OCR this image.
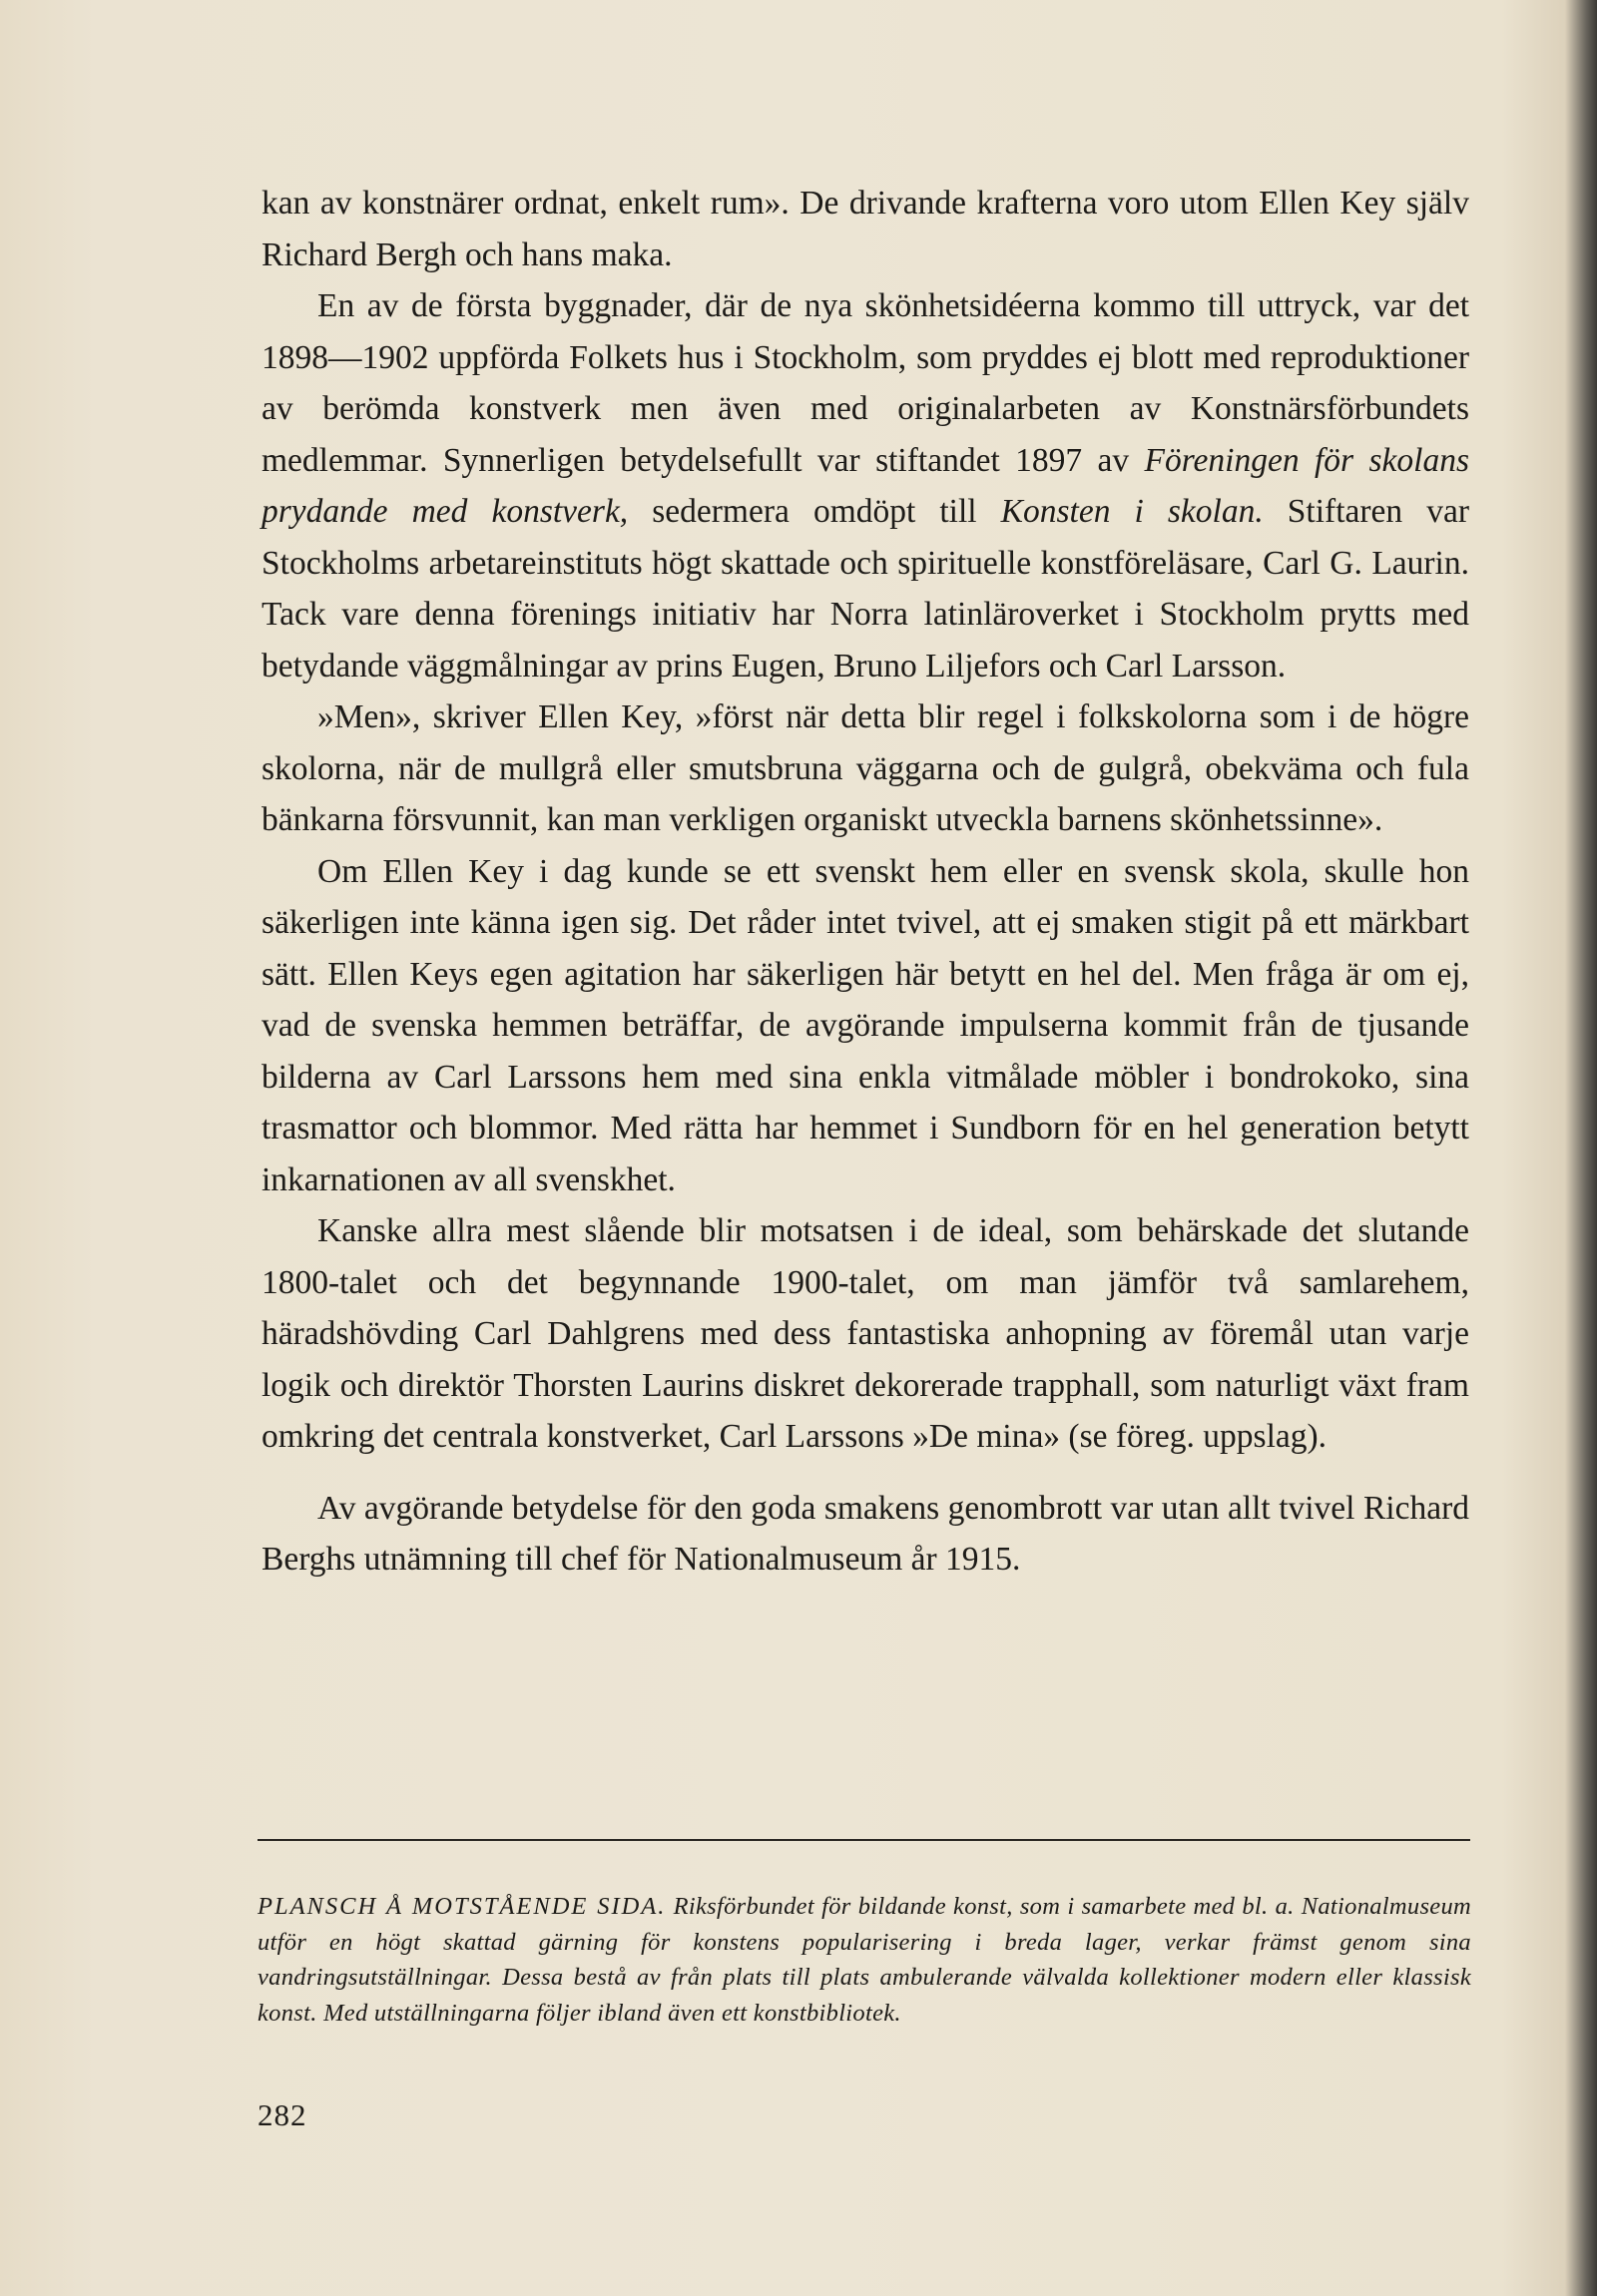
kan av konstnärer ordnat, enkelt rum». De drivande krafterna voro utom Ellen Key själv Richard Bergh och hans maka.

En av de första byggnader, där de nya skönhetsidéerna kommo till uttryck, var det 1898—1902 uppförda Folkets hus i Stockholm, som pryddes ej blott med reproduktioner av berömda konstverk men även med originalarbeten av Konstnärsförbundets medlemmar. Synnerligen betydelsefullt var stiftandet 1897 av Föreningen för skolans prydande med konstverk, sedermera omdöpt till Konsten i skolan. Stiftaren var Stockholms arbetareinstituts högt skattade och spirituelle konstföreläsare, Carl G. Laurin. Tack vare denna förenings initiativ har Norra latinläroverket i Stockholm prytts med betydande väggmålningar av prins Eugen, Bruno Liljefors och Carl Larsson.

»Men», skriver Ellen Key, »först när detta blir regel i folkskolorna som i de högre skolorna, när de mullgrå eller smutsbruna väggarna och de gulgrå, obekväma och fula bänkarna försvunnit, kan man verkligen organiskt utveckla barnens skönhetssinne».

Om Ellen Key i dag kunde se ett svenskt hem eller en svensk skola, skulle hon säkerligen inte känna igen sig. Det råder intet tvivel, att ej smaken stigit på ett märkbart sätt. Ellen Keys egen agitation har säkerligen här betytt en hel del. Men fråga är om ej, vad de svenska hemmen beträffar, de avgörande impulserna kommit från de tjusande bilderna av Carl Larssons hem med sina enkla vitmålade möbler i bondrokoko, sina trasmattor och blommor. Med rätta har hemmet i Sundborn för en hel generation betytt inkarnationen av all svenskhet.

Kanske allra mest slående blir motsatsen i de ideal, som behärskade det slutande 1800-talet och det begynnande 1900-talet, om man jämför två samlarehem, häradshövding Carl Dahlgrens med dess fantastiska anhopning av föremål utan varje logik och direktör Thorsten Laurins diskret dekorerade trapphall, som naturligt växt fram omkring det centrala konstverket, Carl Larssons »De mina» (se föreg. uppslag).

Av avgörande betydelse för den goda smakens genombrott var utan allt tvivel Richard Berghs utnämning till chef för Nationalmuseum år 1915.

PLANSCH Å MOTSTÅENDE SIDA. Riksförbundet för bildande konst, som i samarbete med bl. a. Nationalmuseum utför en högt skattad gärning för konstens popularisering i breda lager, verkar främst genom sina vandringsutställningar. Dessa bestå av från plats till plats ambulerande välvalda kollektioner modern eller klassisk konst. Med utställningarna följer ibland även ett konstbibliotek.
282
